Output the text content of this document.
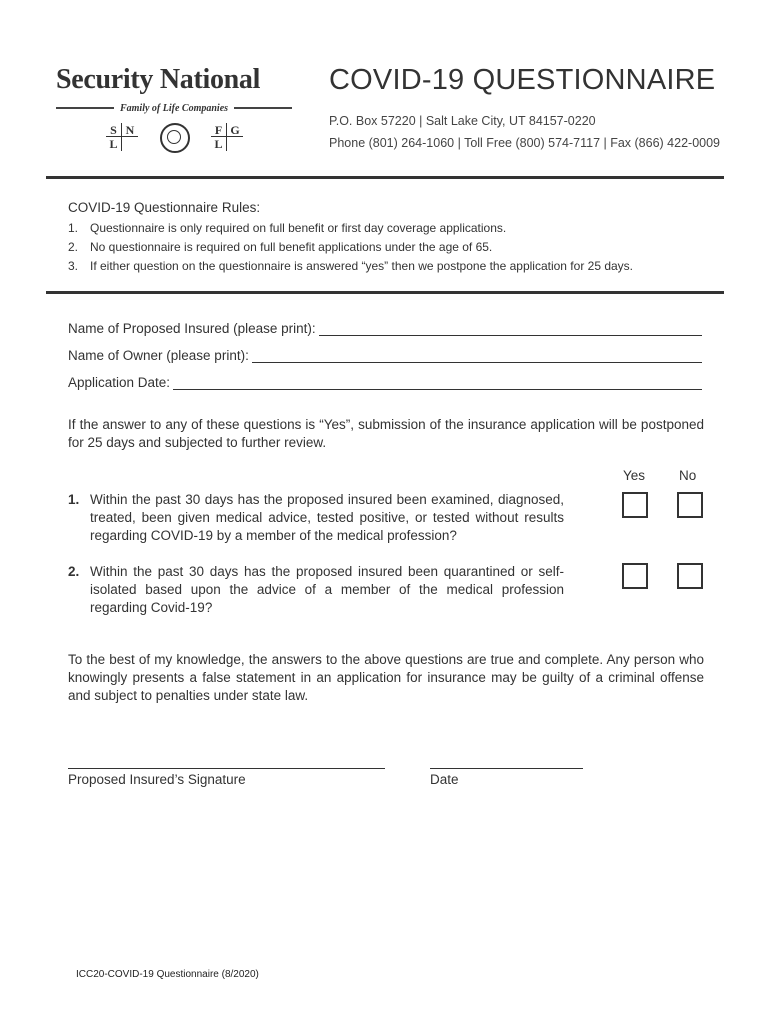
Security National
Family of Life Companies
S N
L
F G
L
COVID-19 QUESTIONNAIRE
P.O. Box 57220 | Salt Lake City, UT 84157-0220
Phone (801) 264-1060 | Toll Free (800) 574-7117 | Fax (866) 422-0009
COVID-19 Questionnaire Rules:
1. Questionnaire is only required on full benefit or first day coverage applications.
2. No questionnaire is required on full benefit applications under the age of 65.
3. If either question on the questionnaire is answered “yes” then we postpone the application for 25 days.
Name of Proposed Insured (please print):
Name of Owner (please print):
Application Date:
If the answer to any of these questions is “Yes”, submission of the insurance application will be postponed for 25 days and subjected to further review.
Yes	No
1. Within the past 30 days has the proposed insured been examined, diagnosed, treated, been given medical advice, tested positive, or tested without results regarding COVID-19 by a member of the medical profession?
2. Within the past 30 days has the proposed insured been quarantined or self-isolated based upon the advice of a member of the medical profession regarding Covid-19?
To the best of my knowledge, the answers to the above questions are true and complete. Any person who knowingly presents a false statement in an application for insurance may be guilty of a criminal offense and subject to penalties under state law.
Proposed Insured’s Signature	Date
ICC20-COVID-19 Questionnaire (8/2020)
